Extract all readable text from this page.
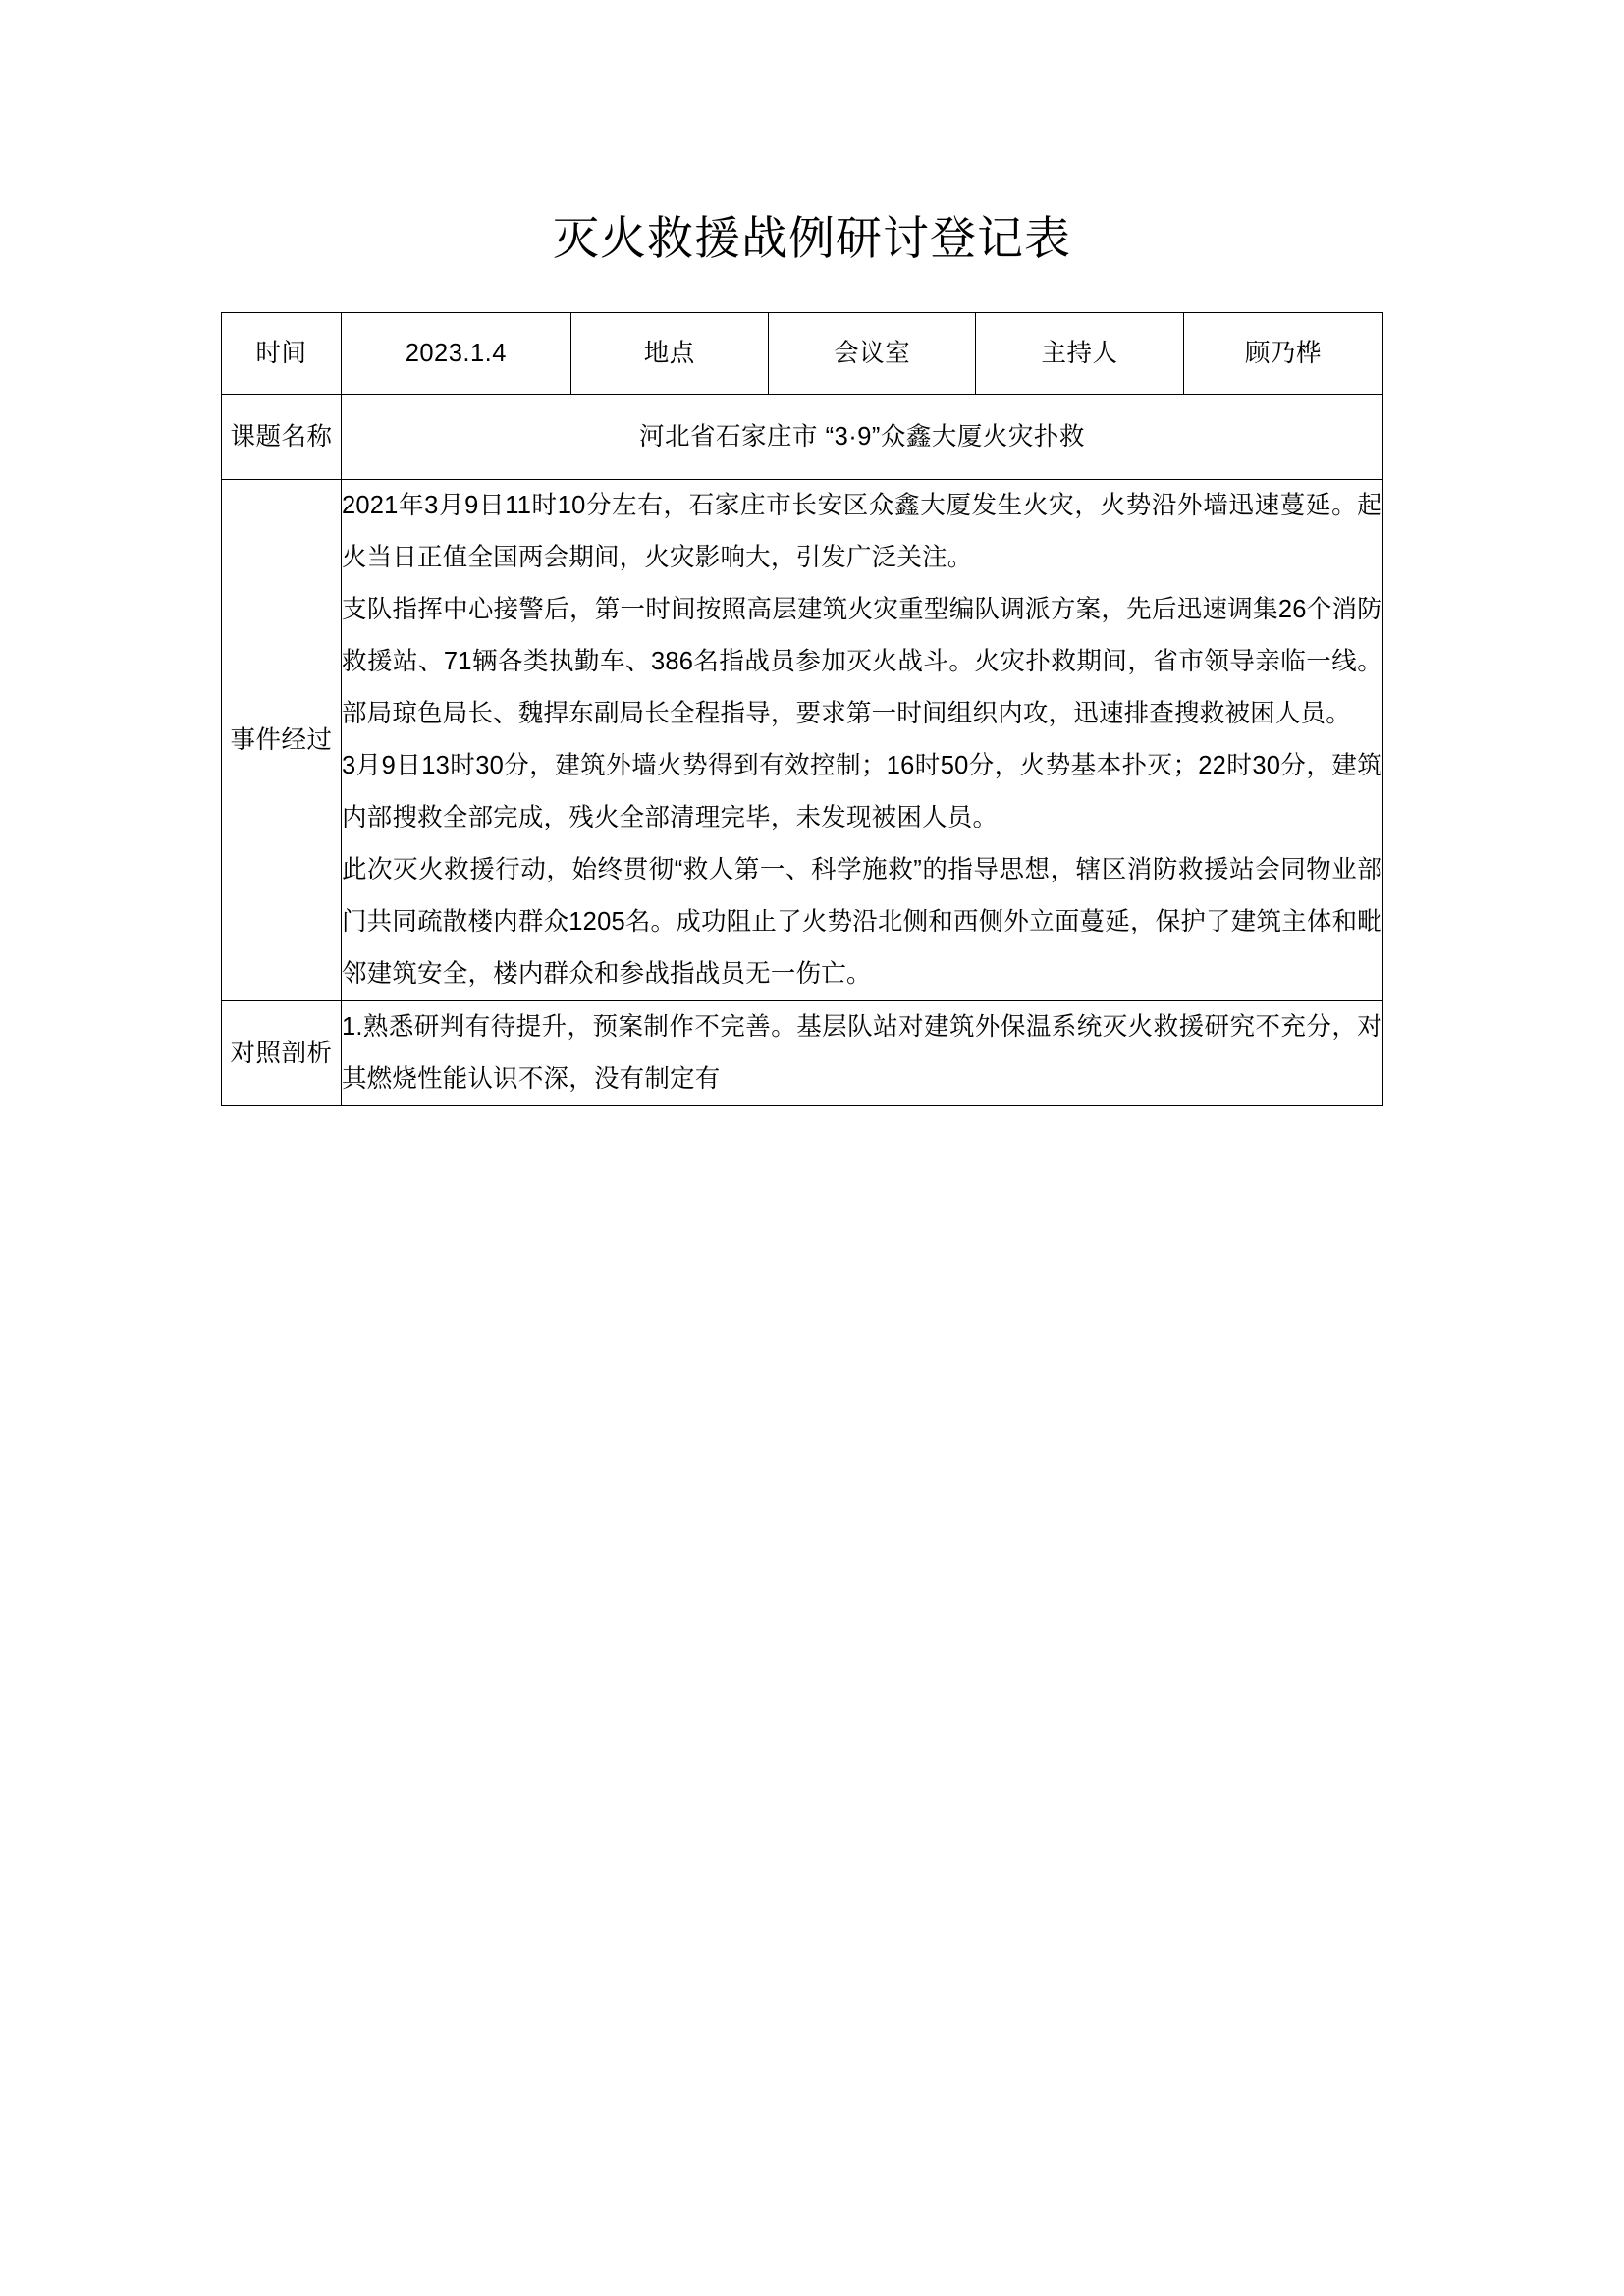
灭火救援战例研讨登记表
时间	2023.1.4	地点	会议室	主持人	顾乃桦
课题名称	河北省石家庄市 “3·9”众鑫大厦火灾扑救				
事件经过	2021年3月9日11时10分左右，石家庄市长安区众鑫大厦发生火灾，火势沿外墙迅速蔓延。起火当日正值全国两会期间，火灾影响大，引发广泛关注。

支队指挥中心接警后，第一时间按照高层建筑火灾重型编队调派方案，先后迅速调集26个消防救援站、71辆各类执勤车、386名指战员参加灭火战斗。火灾扑救期间，省市领导亲临一线。部局琼色局长、魏捍东副局长全程指导，要求第一时间组织内攻，迅速排查搜救被困人员。

3月9日13时30分，建筑外墙火势得到有效控制；16时50分，火势基本扑灭；22时30分，建筑内部搜救全部完成，残火全部清理完毕，未发现被困人员。

此次灭火救援行动，始终贯彻“救人第一、科学施救”的指导思想，辖区消防救援站会同物业部门共同疏散楼内群众1205名。成功阻止了火势沿北侧和西侧外立面蔓延，保护了建筑主体和毗邻建筑安全，楼内群众和参战指战员无一伤亡。				

对照剖析	1.熟悉研判有待提升，预案制作不完善。基层队站对建筑外保温系统灭火救援研究不充分，对其燃烧性能认识不深，没有制定有				
